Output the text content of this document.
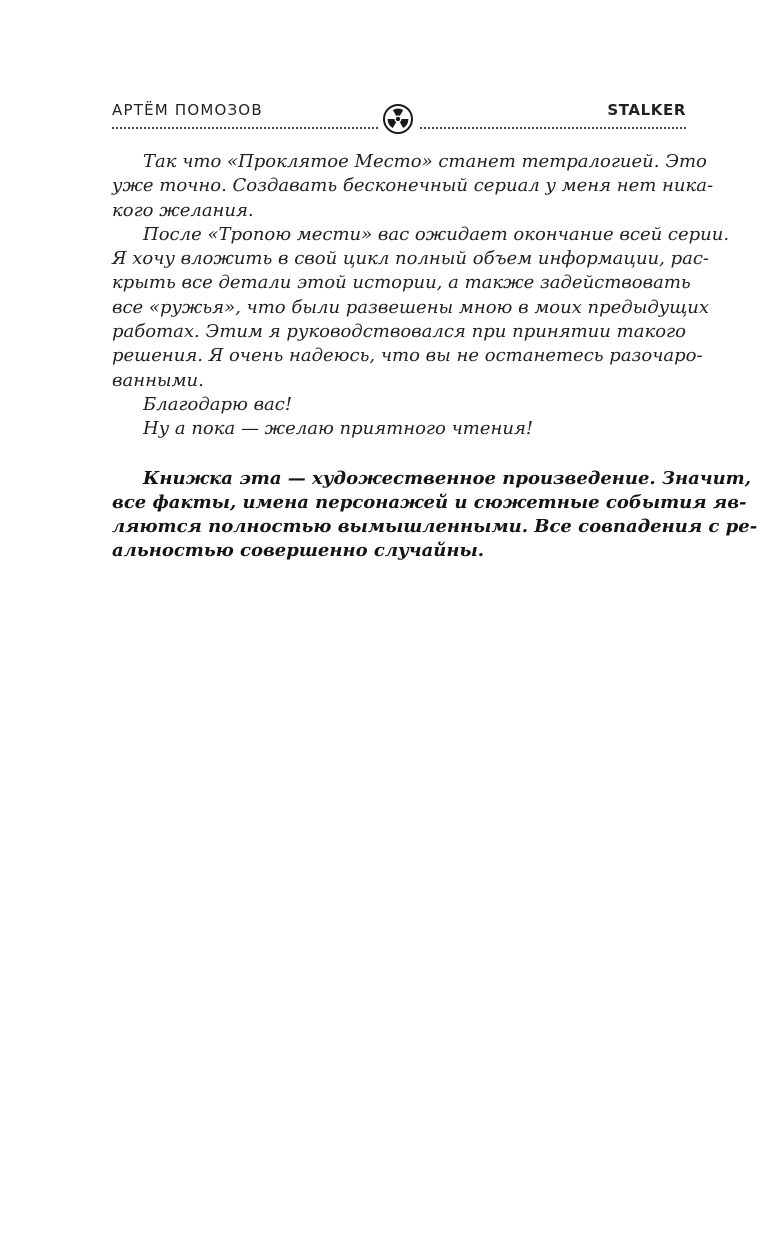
АРТЁМ ПОМОЗОВ	STALKER
Так что «Проклятое Место» станет тетралогией. Это
уже точно. Создавать бесконечный сериал у меня нет ника-
кого желания.
После «Тропою мести» вас ожидает окончание всей серии.
Я хочу вложить в свой цикл полный объем информации, рас-
крыть все детали этой истории, а также задействовать
все «ружья», что были развешены мною в моих предыдущих
работах. Этим я руководствовался при принятии такого
решения. Я очень надеюсь, что вы не останетесь разочаро-
ванными.
Благодарю вас!
Ну а пока — желаю приятного чтения!
Книжка эта — художественное произведение. Значит,
все факты, имена персонажей и сюжетные события яв-
ляются полностью вымышленными. Все совпадения с ре-
альностью совершенно случайны.
